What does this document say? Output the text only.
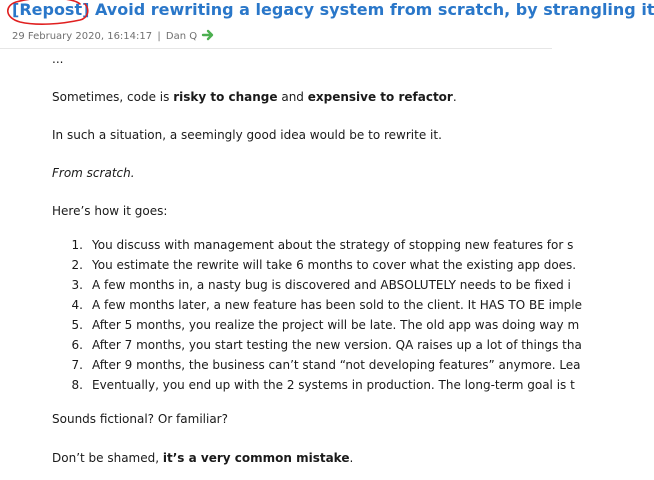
[Repost] Avoid rewriting a legacy system from scratch, by strangling it
29 February 2020, 16:14:17 | Dan Q
...
Sometimes, code is risky to change and expensive to refactor.
In such a situation, a seemingly good idea would be to rewrite it.
From scratch.
Here’s how it goes:
1. You discuss with management about the strategy of stopping new features for s
2. You estimate the rewrite will take 6 months to cover what the existing app does.
3. A few months in, a nasty bug is discovered and ABSOLUTELY needs to be fixed i
4. A few months later, a new feature has been sold to the client. It HAS TO BE imple
5. After 5 months, you realize the project will be late. The old app was doing way m
6. After 7 months, you start testing the new version. QA raises up a lot of things tha
7. After 9 months, the business can’t stand “not developing features” anymore. Lea
8. Eventually, you end up with the 2 systems in production. The long-term goal is t
Sounds fictional? Or familiar?
Don’t be shamed, it’s a very common mistake.
